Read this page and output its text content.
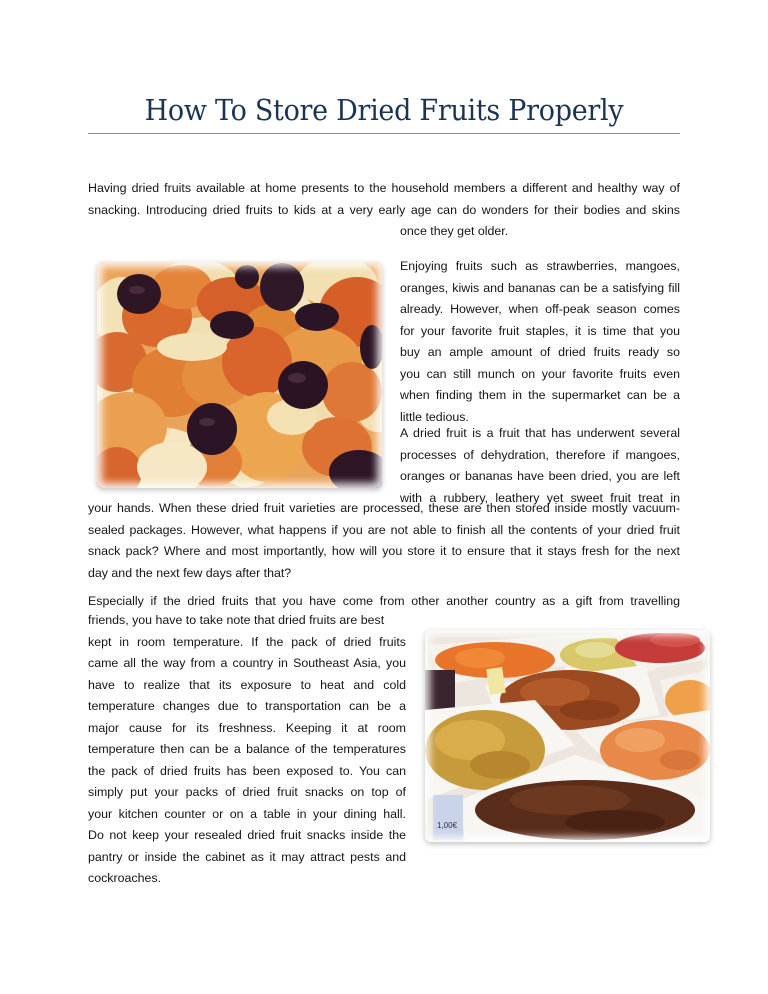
How To Store Dried Fruits Properly
Having dried fruits available at home presents to the household members a different and healthy way of
snacking. Introducing dried fruits to kids at a very early age can do wonders for their bodies and skins
once they get older.
Enjoying fruits such as strawberries, mangoes,
oranges, kiwis and bananas can be a satisfying fill
already. However, when off-peak season comes
for your favorite fruit staples, it is time that you
buy an ample amount of dried fruits ready so
you can still munch on your favorite fruits even
when finding them in the supermarket can be a
little tedious.
A dried fruit is a fruit that has underwent several
processes of dehydration, therefore if mangoes,
oranges or bananas have been dried, you are left
with a rubbery, leathery yet sweet fruit treat in
your hands. When these dried fruit varieties are processed, these are then stored inside mostly vacuum-
sealed packages. However, what happens if you are not able to finish all the contents of your dried fruit
snack pack? Where and most importantly, how will you store it to ensure that it stays fresh for the next
day and the next few days after that?
Especially if the dried fruits that you have come from other another country as a gift from travelling
friends, you have to take note that dried fruits are best
kept in room temperature. If the pack of dried fruits
came all the way from a country in Southeast Asia, you
have to realize that its exposure to heat and cold
temperature changes due to transportation can be a
major cause for its freshness. Keeping it at room
temperature then can be a balance of the temperatures
the pack of dried fruits has been exposed to. You can
simply put your packs of dried fruit snacks on top of
your kitchen counter or on a table in your dining hall.
Do not keep your resealed dried fruit snacks inside the
pantry or inside the cabinet as it may attract pests and
cockroaches.
1,00€
